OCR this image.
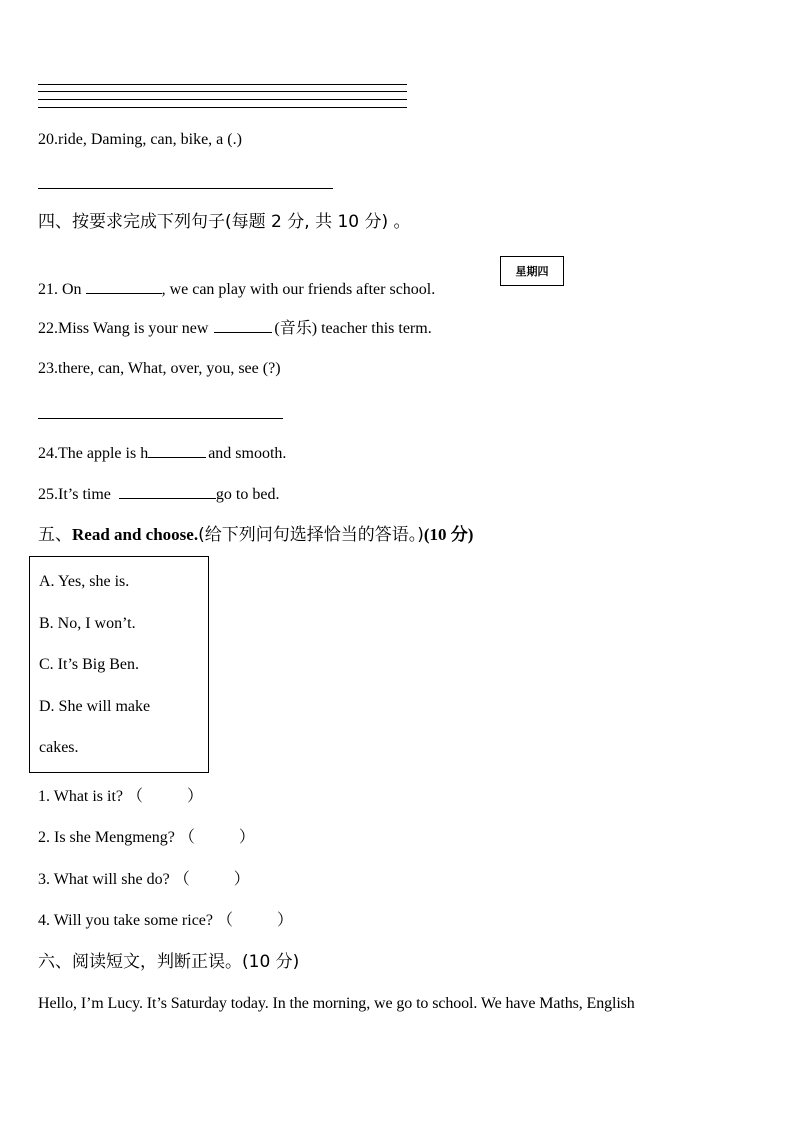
20.ride, Daming, can, bike, a (.)
四、按要求完成下列句子(每题 2 分, 共 10 分) 。
21. On	, we can play with our friends after school.
星期四
22.Miss Wang is your new	(音乐) teacher this term.
23.there, can, What, over, you, see (?)
24.The apple is h	and smooth.
25.It’s time	go to bed.
五、Read and choose.(给下列问句选择恰当的答语。)(10 分)
A. Yes, she is.
B. No, I won’t.
C. It’s Big Ben.
D. She will make
cakes.
1. What is it? （	）
2. Is she Mengmeng? （	）
3. What will she do? （	）
4. Will you take some rice? （	）
六、阅读短文，判断正误。(10 分)
Hello, I’m Lucy. It’s Saturday today. In the morning, we go to school. We have Maths, English
